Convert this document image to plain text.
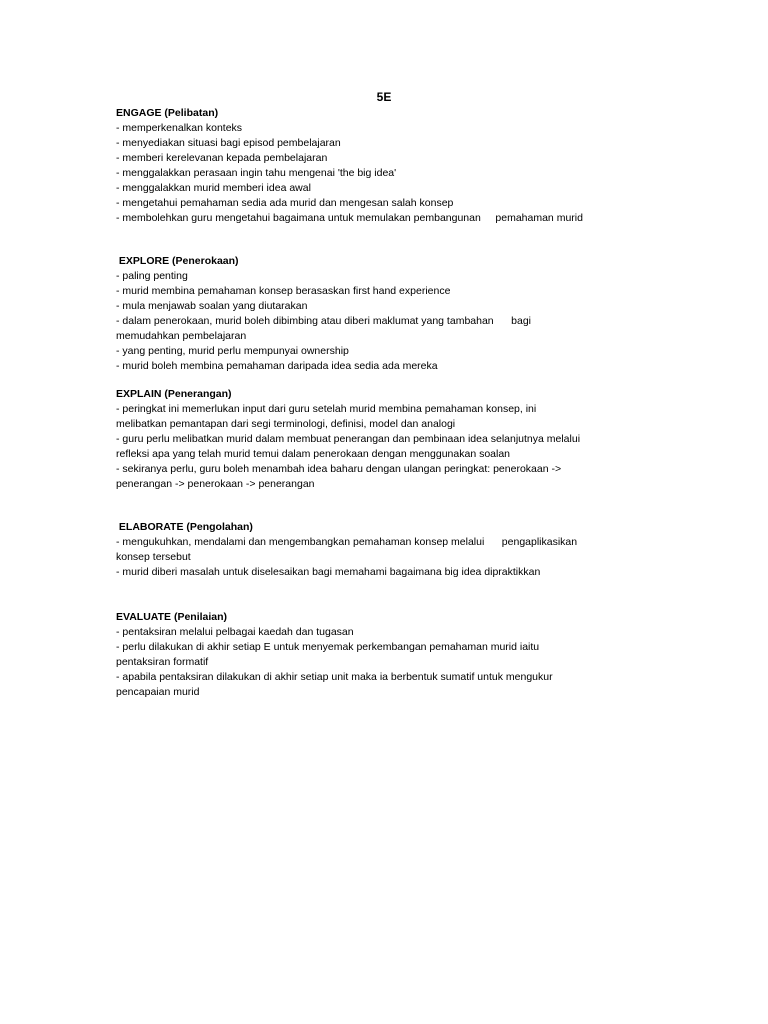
5E

ENGAGE (Pelibatan)

- memperkenalkan konteks

- menyediakan situasi bagi episod pembelajaran

- memberi kerelevanan kepada pembelajaran

- menggalakkan perasaan ingin tahu mengenai 'the big idea'

- menggalakkan murid memberi idea awal

- mengetahui pemahaman sedia ada murid dan mengesan salah konsep

- membolehkan guru mengetahui bagaimana untuk memulakan pembangunan     pemahaman murid

EXPLORE (Penerokaan)

- paling penting

- murid membina pemahaman konsep berasaskan first hand experience

- mula menjawab soalan yang diutarakan

- dalam penerokaan, murid boleh dibimbing atau diberi maklumat yang tambahan      bagi

memudahkan pembelajaran

- yang penting, murid perlu mempunyai ownership

- murid boleh membina pemahaman daripada idea sedia ada mereka

EXPLAIN (Penerangan)

- peringkat ini memerlukan input dari guru setelah murid membina pemahaman konsep, ini

melibatkan pemantapan dari segi terminologi, definisi, model dan analogi

- guru perlu melibatkan murid dalam membuat penerangan dan pembinaan idea selanjutnya melalui

refleksi apa yang telah murid temui dalam penerokaan dengan menggunakan soalan

- sekiranya perlu, guru boleh menambah idea baharu dengan ulangan peringkat: penerokaan ->

penerangan -> penerokaan -> penerangan

ELABORATE (Pengolahan)

- mengukuhkan, mendalami dan mengembangkan pemahaman konsep melalui      pengaplikasikan

konsep tersebut

- murid diberi masalah untuk diselesaikan bagi memahami bagaimana big idea dipraktikkan

EVALUATE (Penilaian)

- pentaksiran melalui pelbagai kaedah dan tugasan

- perlu dilakukan di akhir setiap E untuk menyemak perkembangan pemahaman murid iaitu

pentaksiran formatif

- apabila pentaksiran dilakukan di akhir setiap unit maka ia berbentuk sumatif untuk mengukur

pencapaian murid
